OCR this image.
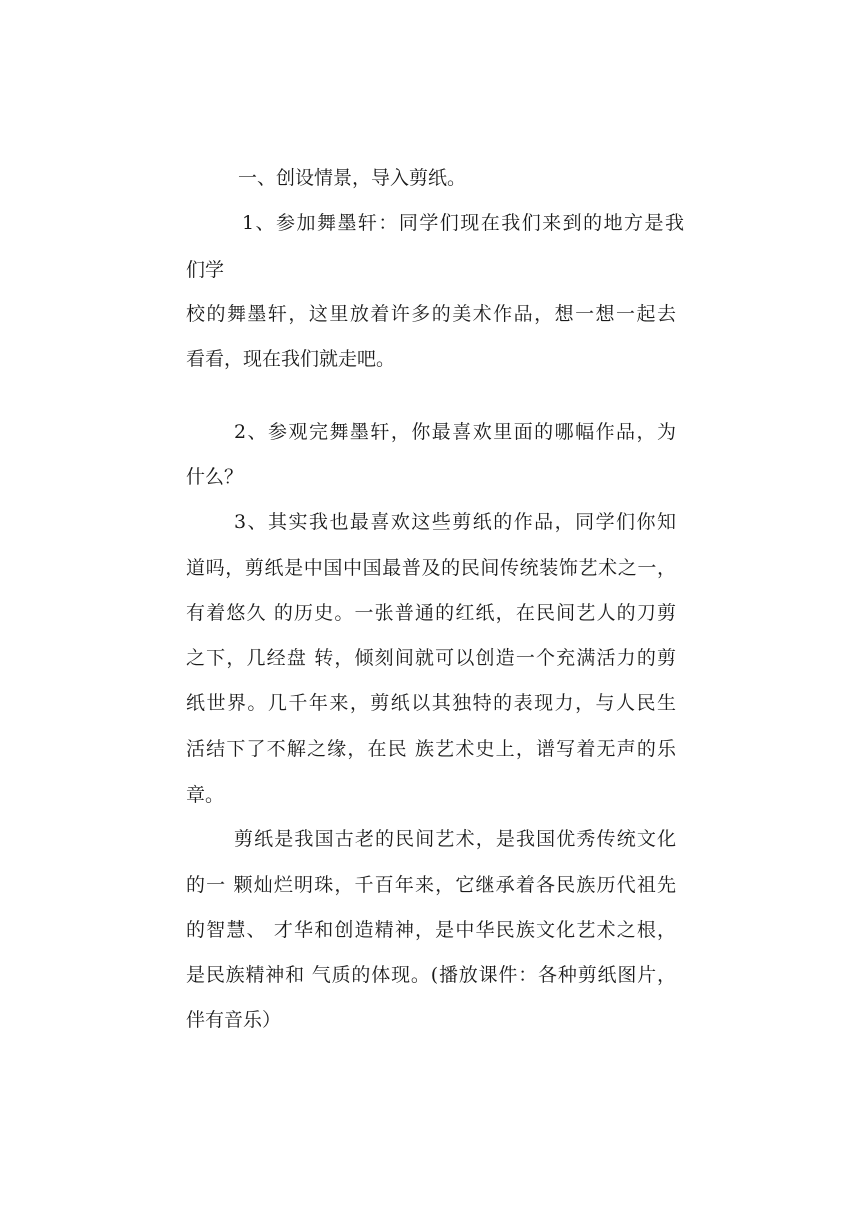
一、创设情景，导入剪纸。
1、参加舞墨轩：同学们现在我们来到的地方是我
们学
校的舞墨轩，这里放着许多的美术作品，想一想一起去
看看，现在我们就走吧。
2、参观完舞墨轩，你最喜欢里面的哪幅作品，为
什么？
3、其实我也最喜欢这些剪纸的作品，同学们你知
道吗，剪纸是中国中国最普及的民间传统装饰艺术之一，
有着悠久 的历史。一张普通的红纸，在民间艺人的刀剪
之下，几经盘 转，倾刻间就可以创造一个充满活力的剪
纸世界。几千年来，剪纸以其独特的表现力，与人民生
活结下了不解之缘，在民 族艺术史上，谱写着无声的乐
章。
剪纸是我国古老的民间艺术，是我国优秀传统文化
的一 颗灿烂明珠，千百年来，它继承着各民族历代祖先
的智慧、 才华和创造精神，是中华民族文化艺术之根，
是民族精神和 气质的体现。(播放课件：各种剪纸图片，
伴有音乐）
